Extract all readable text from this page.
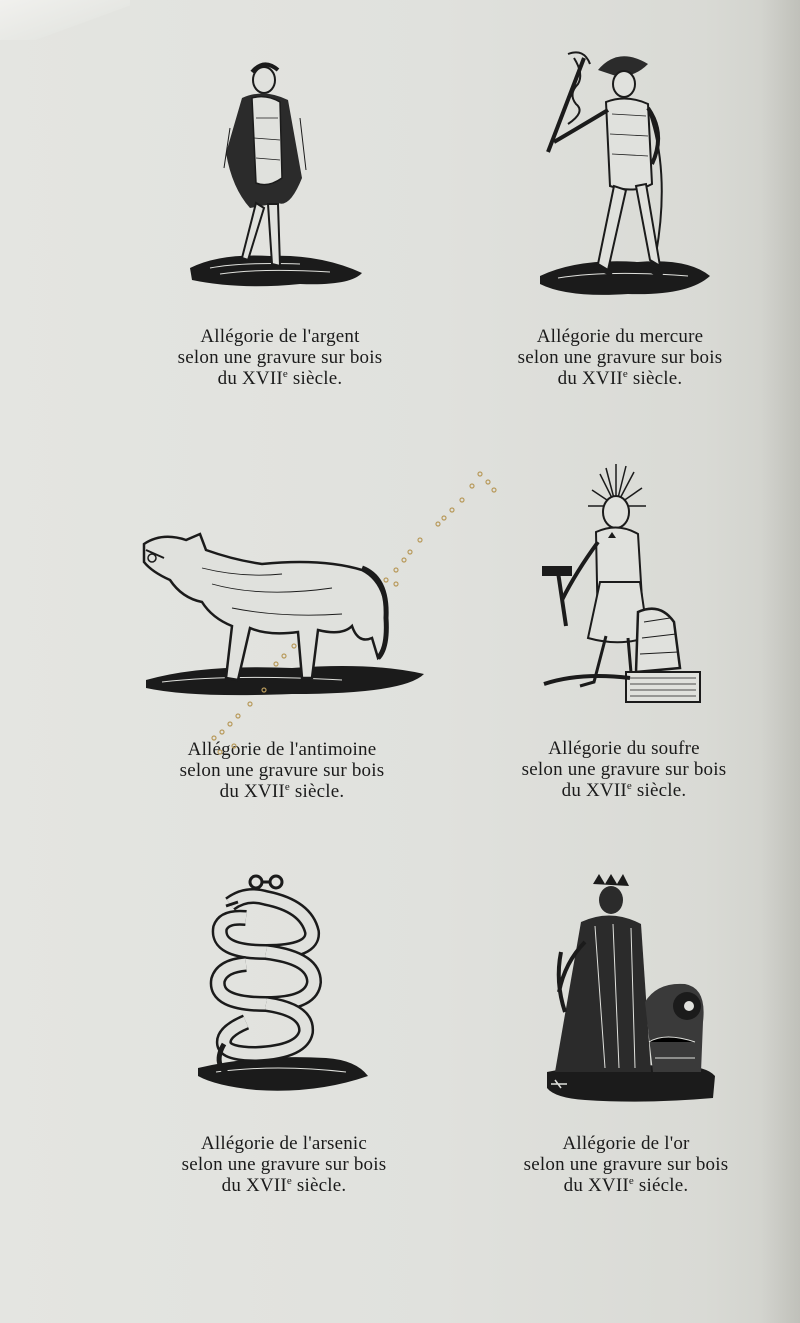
Allégorie de l'argent
selon une gravure sur bois
du XVIIe siècle.
Allégorie du mercure
selon une gravure sur bois
du XVIIe siècle.
Allégorie de l'antimoine
selon une gravure sur bois
du XVIIe siècle.
Allégorie du soufre
selon une gravure sur bois
du XVIIe siècle.
Allégorie de l'arsenic
selon une gravure sur bois
du XVIIe siècle.
Allégorie de l'or
selon une gravure sur bois
du XVIIe siécle.
